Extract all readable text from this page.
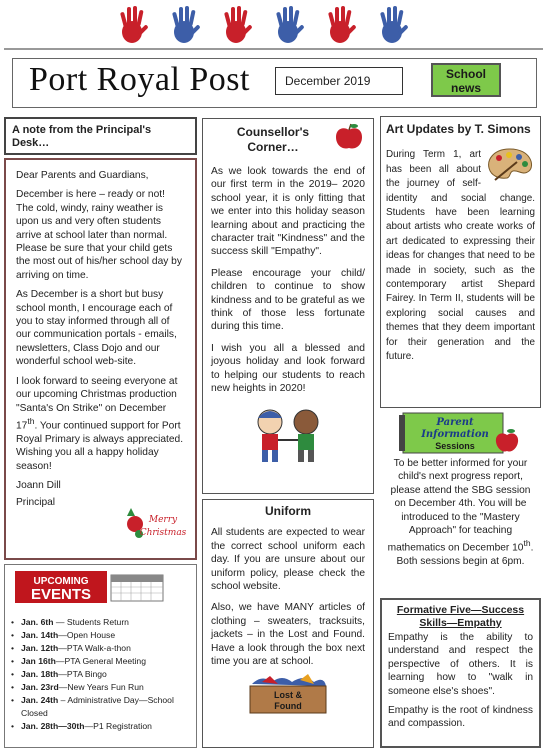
Port Royal Post	December 2019	School
news
A note from the Principal's Desk…

Dear Parents and Guardians,

December is here – ready or not! The cold, windy, rainy weather is upon us and very often students arrive at school later than normal. Please be sure that your child gets the most out of his/her school day by arriving on time.

As December is a short but busy school month, I encourage each of you to stay informed through all of our communication portals - emails, newsletters, Class Dojo and our wonderful school web-site.

I look forward to seeing everyone at our upcoming Christmas production "Santa's On Strike" on December 17th. Your continued support for Port Royal Primary is always appreciated. Wishing you all a happy holiday season!

Joann Dill

Principal

Merry
Christmas
UPCOMING
EVENTS
• Jan. 6th — Students Return
• Jan. 14th—Open House
• Jan. 12th—PTA Walk-a-thon
• Jan 16th—PTA General Meeting
• Jan. 18th—PTA Bingo
• Jan. 23rd—New Years Fun Run
• Jan. 24th – Administrative Day—School Closed
• Jan. 28th—30th—P1 Registration
Counsellor's Corner…

As we look towards the end of our first term in the 2019– 2020 school year, it is only fitting that we enter into this holiday season learning about and practicing the character trait "Kindness" and the success skill "Empathy".

Please encourage your child/ children to continue to show kindness and to be grateful as we think of those less fortunate during this time.

I wish you all a blessed and joyous holiday and look forward to helping our students to reach new heights in 2020!

Uniform

All students are expected to wear the correct school uniform each day. If you are unsure about our uniform policy, please check the school website.

Also, we have MANY articles of clothing – sweaters, tracksuits, jackets – in the Lost and Found. Have a look through the box next time you are at school.

Lost &
Found
Art Updates by T. Simons

During Term 1, art has been all about the journey of self-identity and social change. Students have been learning about artists who create works of art dedicated to expressing their ideas for changes that need to be made in society, such as the contemporary artist Shepard Fairey. In Term II, students will be exploring social causes and themes that they deem important for their generation and the future.

Parent
Information
Sessions

To be better informed for your child's next progress report, please attend the SBG session on December 4th. You will be introduced to the "Mastery Approach" for teaching mathematics on December 10th. Both sessions begin at 6pm.

Formative Five—Success Skills—Empathy

Empathy is the ability to understand and respect the perspective of others. It is learning how to "walk in someone else's shoes".

Empathy is the root of kindness and compassion.
